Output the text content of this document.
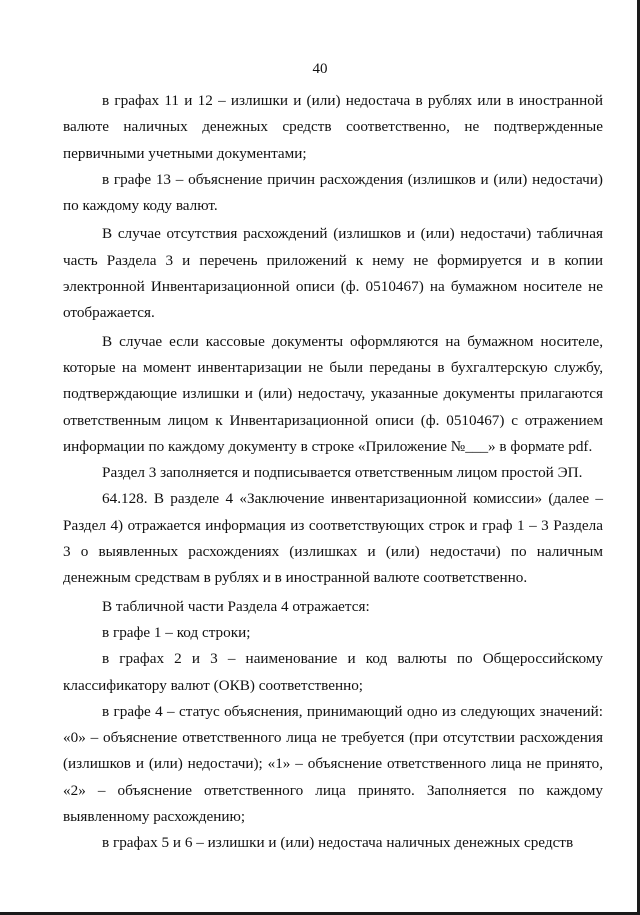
40

в графах 11 и 12 – излишки и (или) недостача в рублях или в иностранной валюте наличных денежных средств соответственно, не подтвержденные первичными учетными документами;

в графе 13 – объяснение причин расхождения (излишков и (или) недостачи) по каждому коду валют.

В случае отсутствия расхождений (излишков и (или) недостачи) табличная часть Раздела 3 и перечень приложений к нему не формируется и в копии электронной Инвентаризационной описи (ф. 0510467) на бумажном носителе не отображается.

В случае если кассовые документы оформляются на бумажном носителе, которые на момент инвентаризации не были переданы в бухгалтерскую службу, подтверждающие излишки и (или) недостачу, указанные документы прилагаются ответственным лицом к Инвентаризационной описи (ф. 0510467) с отражением информации по каждому документу в строке «Приложение №___» в формате pdf.

Раздел 3 заполняется и подписывается ответственным лицом простой ЭП.

64.128. В разделе 4 «Заключение инвентаризационной комиссии» (далее – Раздел 4) отражается информация из соответствующих строк и граф 1 – 3 Раздела 3 о выявленных расхождениях (излишках и (или) недостачи) по наличным денежным средствам в рублях и в иностранной валюте соответственно.

В табличной части Раздела 4 отражается:

в графе 1 – код строки;

в графах 2 и 3 – наименование и код валюты по Общероссийскому классификатору валют (ОКВ) соответственно;

в графе 4 – статус объяснения, принимающий одно из следующих значений: «0» – объяснение ответственного лица не требуется (при отсутствии расхождения (излишков и (или) недостачи); «1» – объяснение ответственного лица не принято, «2» – объяснение ответственного лица принято. Заполняется по каждому выявленному расхождению;

в графах 5 и 6 – излишки и (или) недостача наличных денежных средств
